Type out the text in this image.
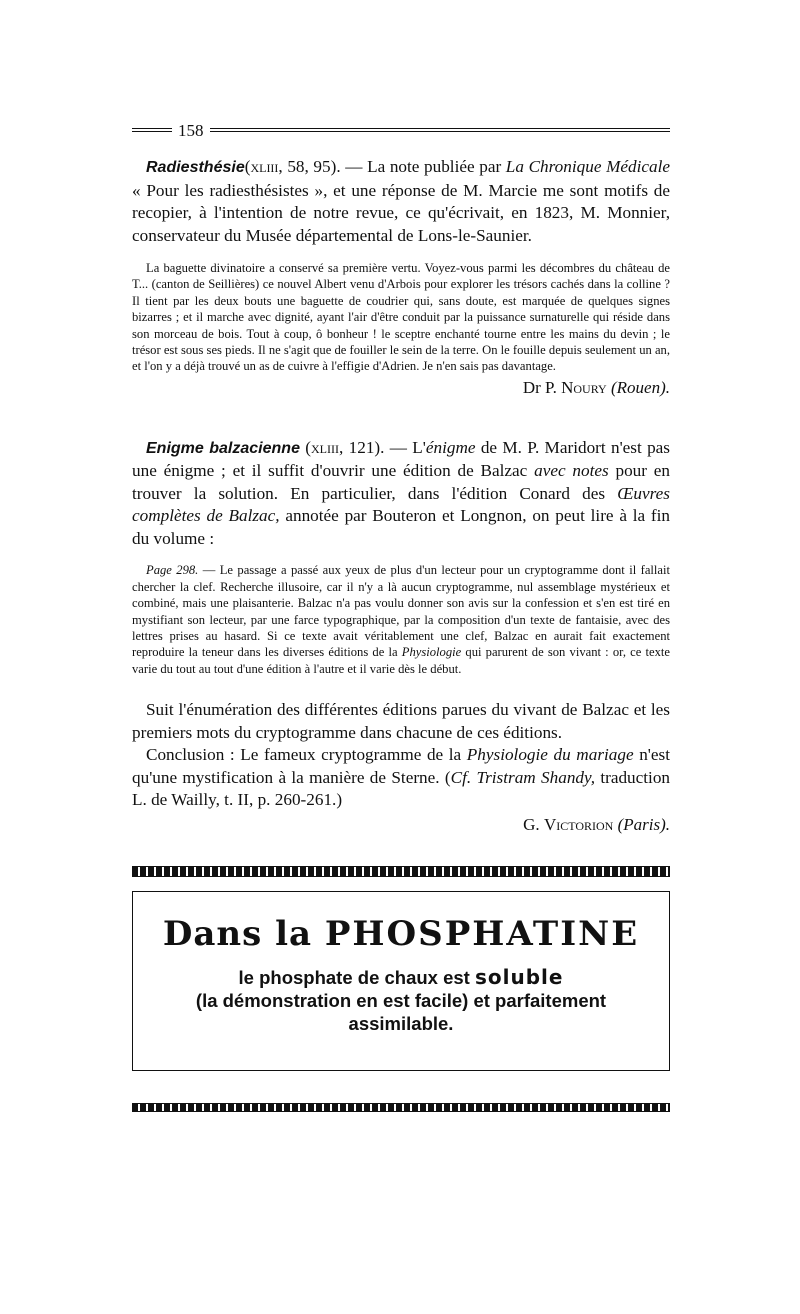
158

Radiesthésie(xliii, 58, 95). — La note publiée par La Chronique Médicale « Pour les radiesthésistes », et une réponse de M. Marcie me sont motifs de recopier, à l'intention de notre revue, ce qu'écrivait, en 1823, M. Monnier, conservateur du Musée départemental de Lons-le-Saunier.

La baguette divinatoire a conservé sa première vertu. Voyez-vous parmi les décombres du château de T... (canton de Seillières) ce nouvel Albert venu d'Arbois pour explorer les trésors cachés dans la colline ? Il tient par les deux bouts une baguette de coudrier qui, sans doute, est marquée de quelques signes bizarres ; et il marche avec dignité, ayant l'air d'être conduit par la puissance surnaturelle qui réside dans son morceau de bois. Tout à coup, ô bonheur ! le sceptre enchanté tourne entre les mains du devin ; le trésor est sous ses pieds. Il ne s'agit que de fouiller le sein de la terre. On le fouille depuis seulement un an, et l'on y a déjà trouvé un as de cuivre à l'effigie d'Adrien. Je n'en sais pas davantage.

Dr P. Noury (Rouen).

Enigme balzacienne (xliii, 121). — L'énigme de M. P. Maridort n'est pas une énigme ; et il suffit d'ouvrir une édition de Balzac avec notes pour en trouver la solution. En particulier, dans l'édition Conard des Œuvres complètes de Balzac, annotée par Bouteron et Longnon, on peut lire à la fin du volume :

Page 298. — Le passage a passé aux yeux de plus d'un lecteur pour un cryptogramme dont il fallait chercher la clef. Recherche illusoire, car il n'y a là aucun cryptogramme, nul assemblage mystérieux et combiné, mais une plaisanterie. Balzac n'a pas voulu donner son avis sur la confession et s'en est tiré en mystifiant son lecteur, par une farce typographique, par la composition d'un texte de fantaisie, avec des lettres prises au hasard. Si ce texte avait véritablement une clef, Balzac en aurait fait exactement reproduire la teneur dans les diverses éditions de la Physiologie qui parurent de son vivant : or, ce texte varie du tout au tout d'une édition à l'autre et il varie dès le début.

Suit l'énumération des différentes éditions parues du vivant de Balzac et les premiers mots du cryptogramme dans chacune de ces éditions.

Conclusion : Le fameux cryptogramme de la Physiologie du mariage n'est qu'une mystification à la manière de Sterne. (Cf. Tristram Shandy, traduction L. de Wailly, t. II, p. 260-261.)

G. Victorion (Paris).

Dans la PHOSPHATINE
le phosphate de chaux est soluble
(la démonstration en est facile) et parfaitement
assimilable.
